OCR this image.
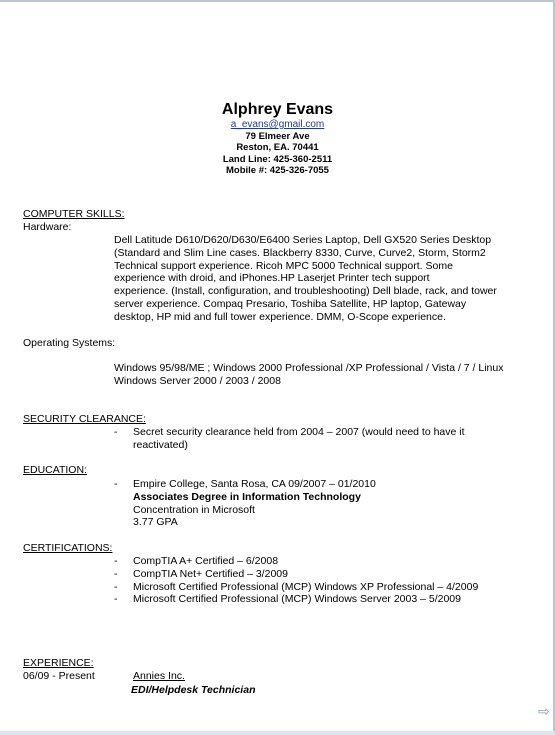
Alphrey Evans
a_evans@gmail.com
79 Elmeer Ave
Reston, EA. 70441
Land Line: 425-360-2511
Mobile #: 425-326-7055
COMPUTER SKILLS:
Hardware:
Dell Latitude D610/D620/D630/E6400 Series Laptop, Dell GX520 Series Desktop
(Standard and Slim Line cases. Blackberry 8330, Curve, Curve2, Storm, Storm2
Technical support experience. Ricoh MPC 5000 Technical support. Some
experience with droid, and iPhones.HP Laserjet Printer tech support
experience. (Install, configuration, and troubleshooting) Dell blade, rack, and tower
server experience. Compaq Presario, Toshiba Satellite, HP laptop, Gateway
desktop, HP mid and full tower experience. DMM, O-Scope experience.
Operating Systems:
Windows 95/98/ME ; Windows 2000 Professional /XP Professional / Vista / 7 / Linux
Windows Server 2000 / 2003 / 2008
SECURITY CLEARANCE:
- Secret security clearance held from 2004 – 2007 (would need to have it
reactivated)
EDUCATION:
- Empire College, Santa Rosa, CA 09/2007 – 01/2010
Associates Degree in Information Technology
Concentration in Microsoft
3.77 GPA
CERTIFICATIONS:
-
-
-
-
CompTIA A+ Certified – 6/2008
CompTIA Net+ Certified – 3/2009
Microsoft Certified Professional (MCP) Windows XP Professional – 4/2009
Microsoft Certified Professional (MCP) Windows Server 2003 – 5/2009
EXPERIENCE:
06/09 - Present	Annies Inc.
EDI/Helpdesk Technician
⇨
